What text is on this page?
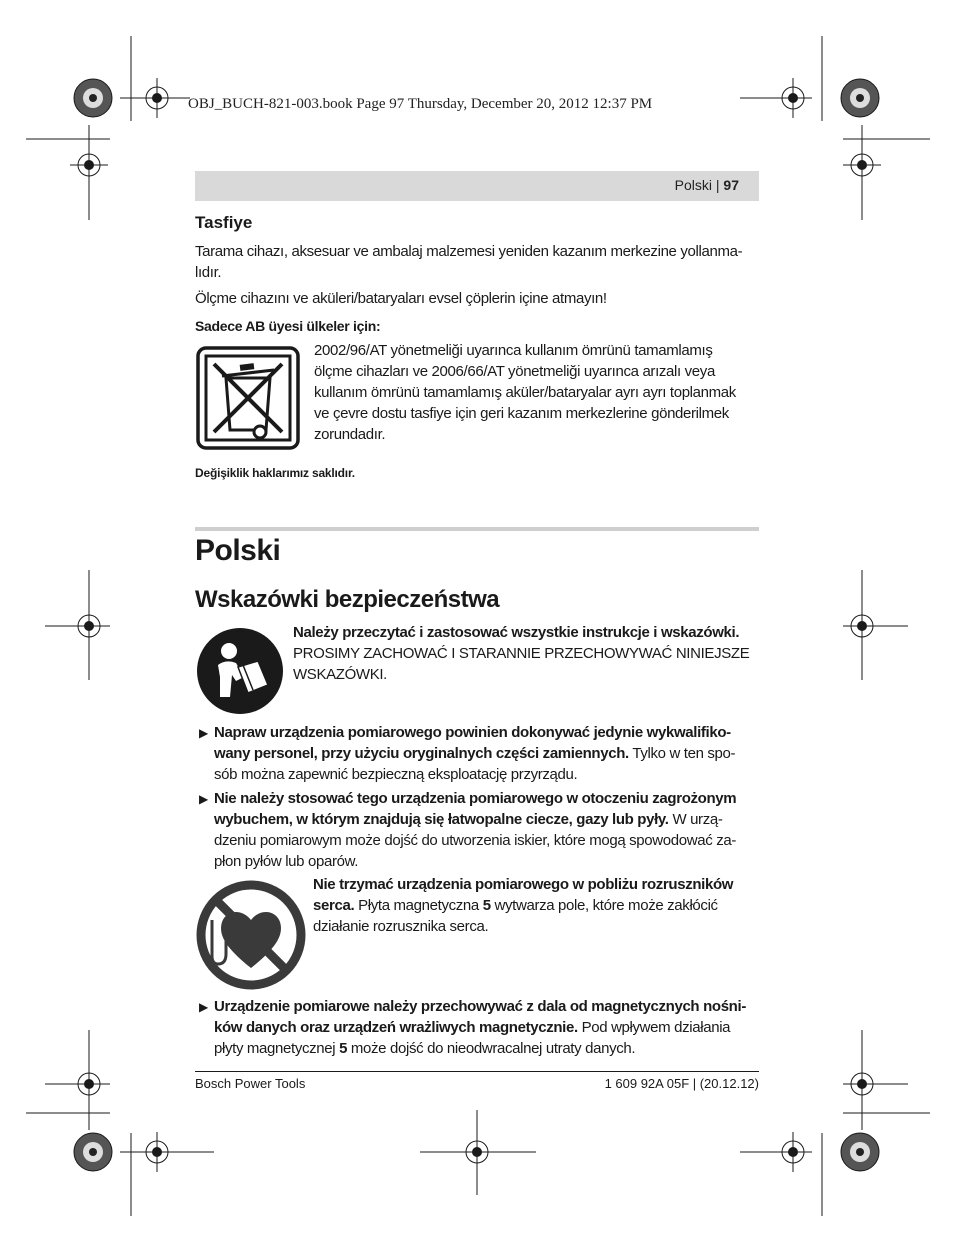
OBJ_BUCH-821-003.book Page 97 Thursday, December 20, 2012 12:37 PM
Polski | 97
Tasfiye
Tarama cihazı, aksesuar ve ambalaj malzemesi yeniden kazanım merkezine yollanma-
lıdır.
Ölçme cihazını ve aküleri/bataryaları evsel çöplerin içine atmayın!
Sadece AB üyesi ülkeler için:
2002/96/AT yönetmeliği uyarınca kullanım ömrünü tamamlamış
ölçme cihazları ve 2006/66/AT yönetmeliği uyarınca arızalı veya
kullanım ömrünü tamamlamış aküler/bataryalar ayrı ayrı toplanmak
ve çevre dostu tasfiye için geri kazanım merkezlerine gönderilmek
zorundadır.
Değişiklik haklarımız saklıdır.
Polski
Wskazówki bezpieczeństwa
Należy przeczytać i zastosować wszystkie instrukcje i wskazówki.
PROSIMY ZACHOWAĆ I STARANNIE PRZECHOWYWAĆ NINIEJSZE
WSKAZÓWKI.
▶ Napraw urządzenia pomiarowego powinien dokonywać jedynie wykwalifiko-
wany personel, przy użyciu oryginalnych części zamiennych. Tylko w ten spo-
sób można zapewnić bezpieczną eksploatację przyrządu.
▶ Nie należy stosować tego urządzenia pomiarowego w otoczeniu zagrożonym
wybuchem, w którym znajdują się łatwopalne ciecze, gazy lub pyły. W urzą-
dzeniu pomiarowym może dojść do utworzenia iskier, które mogą spowodować za-
płon pyłów lub oparów.
Nie trzymać urządzenia pomiarowego w pobliżu rozruszników
serca. Płyta magnetyczna 5 wytwarza pole, które może zakłócić
działanie rozrusznika serca.
▶ Urządzenie pomiarowe należy przechowywać z dala od magnetycznych nośni-
ków danych oraz urządzeń wrażliwych magnetycznie. Pod wpływem działania
płyty magnetycznej 5 może dojść do nieodwracalnej utraty danych.
Bosch Power Tools	1 609 92A 05F | (20.12.12)
